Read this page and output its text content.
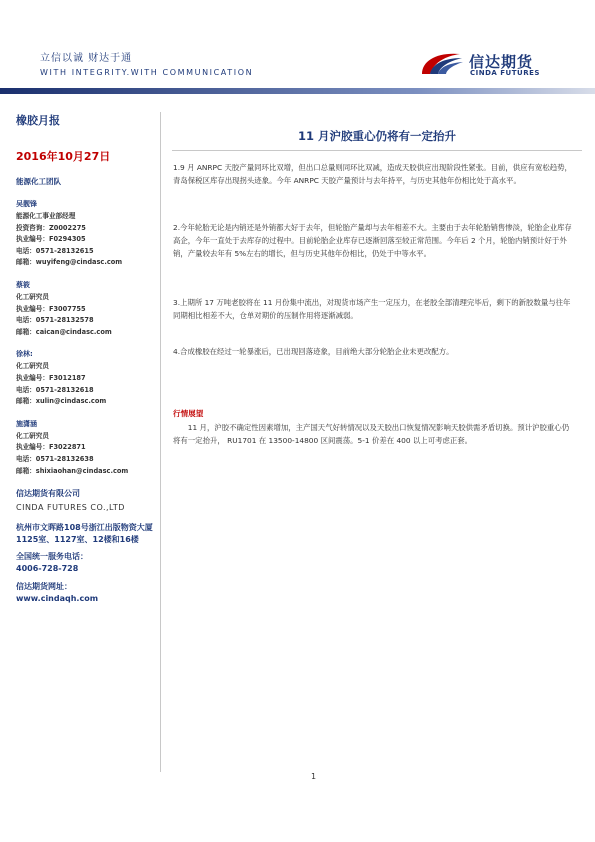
立信以诚 财达于通
WITH INTEGRITY.WITH COMMUNICATION
信达期货
CINDA FUTURES
橡胶月报
2016年10月27日
能源化工团队
吴靓锋
能源化工事业部经理
投资咨询：Z0002275
执业编号：F0294305
电话：0571-28132615
邮箱：wuyifeng@cindasc.com
蔡筱
化工研究员
执业编号：F3007755
电话：0571-28132578
邮箱：caican@cindasc.com
徐林:
化工研究员
执业编号：F3012187
电话：0571-28132618
邮箱：xulin@cindasc.com
施潇涵
化工研究员
执业编号：F3022871
电话：0571-28132638
邮箱：shixiaohan@cindasc.com
信达期货有限公司
CINDA FUTURES CO.,LTD
杭州市文晖路108号浙江出版物资大厦1125室、1127室、12楼和16楼
全国统一服务电话：
4006-728-728
信达期货网址：
www.cindaqh.com
11 月沪胶重心仍将有一定抬升
1.9 月 ANRPC 天胶产量同环比双增，但出口总量则同环比双减，造成天胶供应出现阶段性紧张。目前，供应有宽松趋势，青岛保税区库存出现拐头迹象。今年 ANRPC 天胶产量预计与去年持平，与历史其他年份相比处于高水平。
2.今年轮胎无论是内销还是外销都大好于去年，但轮胎产量却与去年相差不大。主要由于去年轮胎销售惨淡，轮胎企业库存高企，今年一直处于去库存的过程中。目前轮胎企业库存已逐渐回落至较正常范围。今年后 2 个月，轮胎内销预计好于外销，产量较去年有 5%左右的增长，但与历史其他年份相比，仍处于中等水平。
3.上期所 17 万吨老胶将在 11 月份集中流出，对现货市场产生一定压力，在老胶全部清理完毕后，剩下的新胶数量与往年同期相比相差不大，仓单对期价的压制作用将逐渐减弱。
4.合成橡胶在经过一轮暴涨后，已出现回落迹象，目前绝大部分轮胎企业未更改配方。
行情展望
11 月，沪胶不确定性因素增加，主产国天气好转情况以及天胶出口恢复情况影响天胶供需矛盾切换。预计沪胶重心仍将有一定抬升， RU1701 在 13500-14800 区间震荡。5-1 价差在 400 以上可考虑正套。
1
